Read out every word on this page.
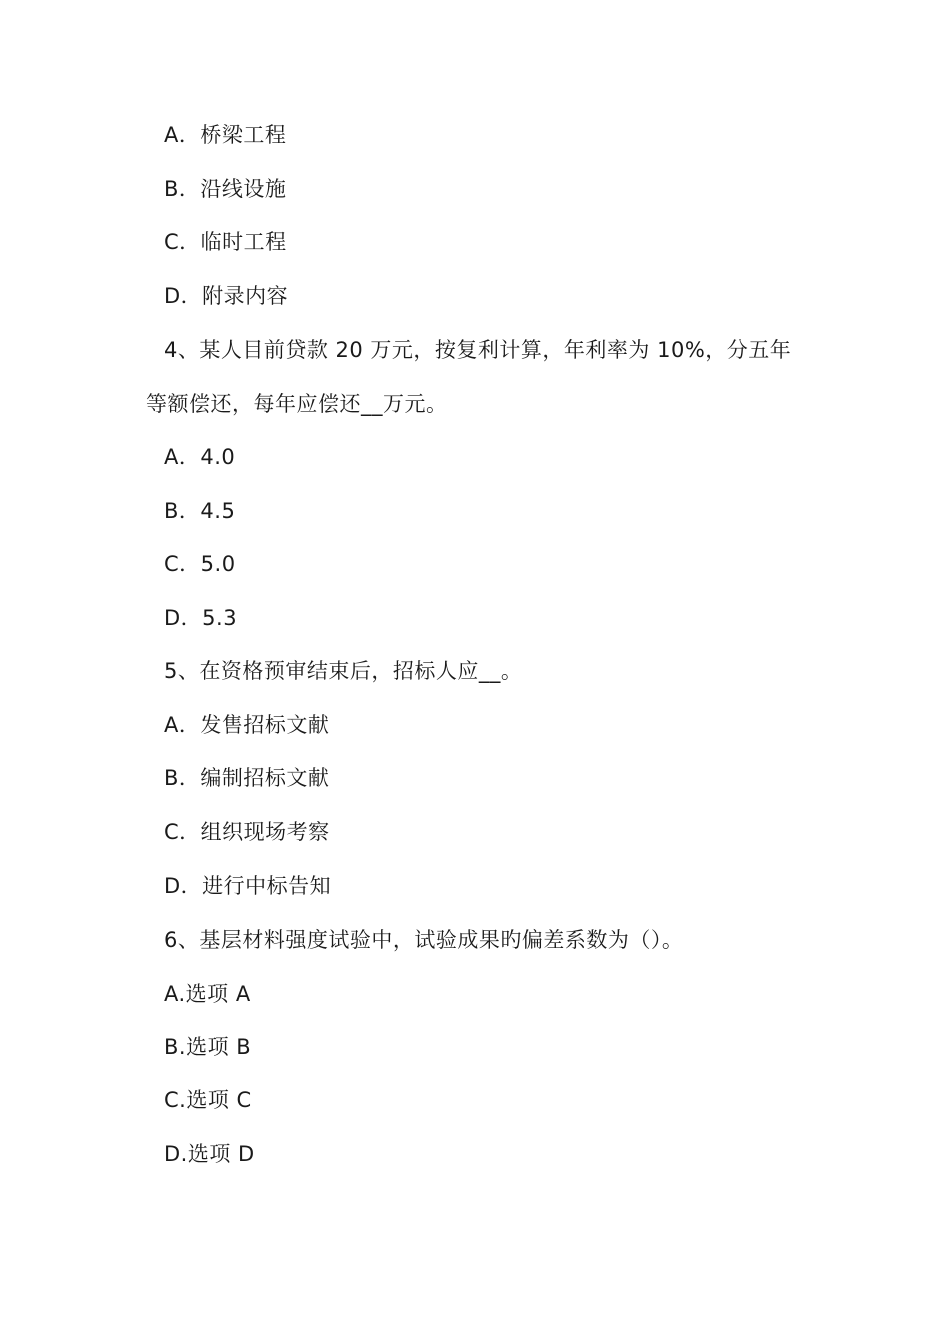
A．桥梁工程
B．沿线设施
C．临时工程
D．附录内容
4、某人目前贷款 20 万元，按复利计算，年利率为 10%，分五年
等额偿还，每年应偿还__万元。
A．4.0
B．4.5
C．5.0
D．5.3
5、在资格预审结束后，招标人应__。
A．发售招标文献
B．编制招标文献
C．组织现场考察
D．进行中标告知
6、基层材料强度试验中，试验成果旳偏差系数为（）。
A.选项 A
B.选项 B
C.选项 C
D.选项 D
